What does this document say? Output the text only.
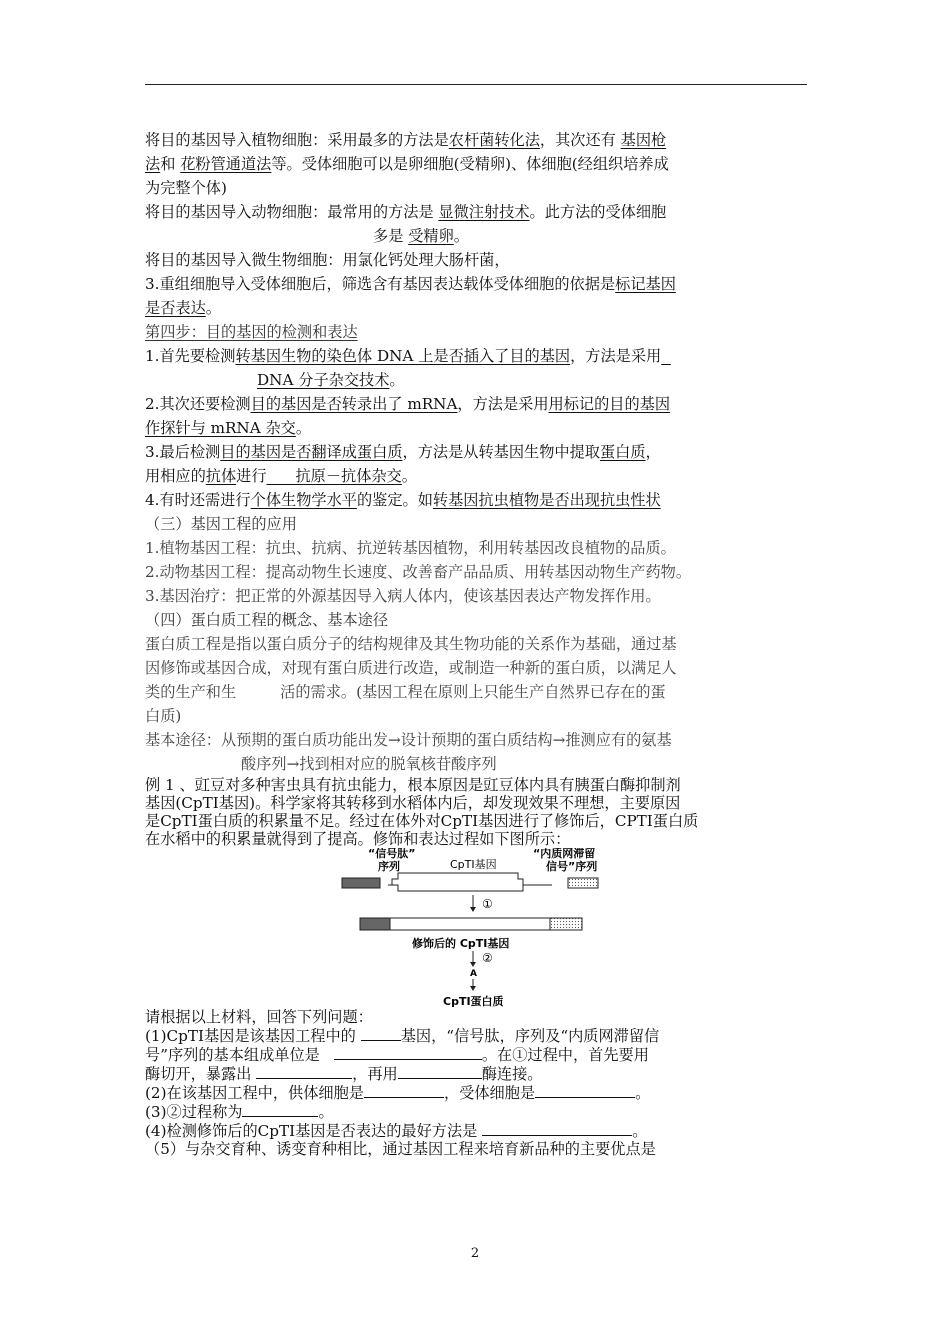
将目的基因导入植物细胞：采用最多的方法是农杆菌转化法，其次还有 基因枪
法和 花粉管通道法等。受体细胞可以是卵细胞(受精卵)、体细胞(经组织培养成
为完整个体)
将目的基因导入动物细胞：最常用的方法是 显微注射技术。此方法的受体细胞
多是 受精卵。
将目的基因导入微生物细胞：用氯化钙处理大肠杆菌，
3.重组细胞导入受体细胞后，筛选含有基因表达载体受体细胞的依据是标记基因
是否表达。
第四步：目的基因的检测和表达
1.首先要检测转基因生物的染色体 DNA 上是否插入了目的基因，方法是采用
DNA 分子杂交技术。
2.其次还要检测目的基因是否转录出了 mRNA，方法是采用用标记的目的基因
作探针与 mRNA 杂交。
3.最后检测目的基因是否翻译成蛋白质，方法是从转基因生物中提取蛋白质，
用相应的抗体进行 抗原－抗体杂交。
4.有时还需进行个体生物学水平的鉴定。如转基因抗虫植物是否出现抗虫性状
（三）基因工程的应用
1.植物基因工程：抗虫、抗病、抗逆转基因植物，利用转基因改良植物的品质。
2.动物基因工程：提高动物生长速度、改善畜产品品质、用转基因动物生产药物。
3.基因治疗：把正常的外源基因导入病人体内，使该基因表达产物发挥作用。
（四）蛋白质工程的概念、基本途径
蛋白质工程是指以蛋白质分子的结构规律及其生物功能的关系作为基础，通过基
因修饰或基因合成，对现有蛋白质进行改造，或制造一种新的蛋白质，以满足人
类的生产和生	活的需求。(基因工程在原则上只能生产自然界已存在的蛋
白质)
基本途径：从预期的蛋白质功能出发→设计预期的蛋白质结构→推测应有的氨基
酸序列→找到相对应的脱氧核苷酸序列
例 1 、豇豆对多种害虫具有抗虫能力，根本原因是豇豆体内具有胰蛋白酶抑制剂
基因(CpTI基因)。科学家将其转移到水稻体内后，却发现效果不理想，主要原因
是CpTI蛋白质的积累量不足。经过在体外对CpTI基因进行了修饰后，CPTI蛋白质
在水稻中的积累量就得到了提高。修饰和表达过程如下图所示：
“信号肽”
序列	CpTI基因
“内质网滞留
信号”序列
①
修饰后的 CpTI基因
②
A
CpTI蛋白质
请根据以上材料，回答下列问题：
(1)CpTI基因是该基因工程中的	基因，“信号肽，序列及“内质网滞留信
号”序列的基本组成单位是	。在①过程中，首先要用
酶切开，暴露出	，再用	酶连接。
(2)在该基因工程中，供体细胞是	，受体细胞是	。
(3)②过程称为	。
(4)检测修饰后的CpTI基因是否表达的最好方法是	。
（5）与杂交育种、诱变育种相比，通过基因工程来培育新品种的主要优点是
2
